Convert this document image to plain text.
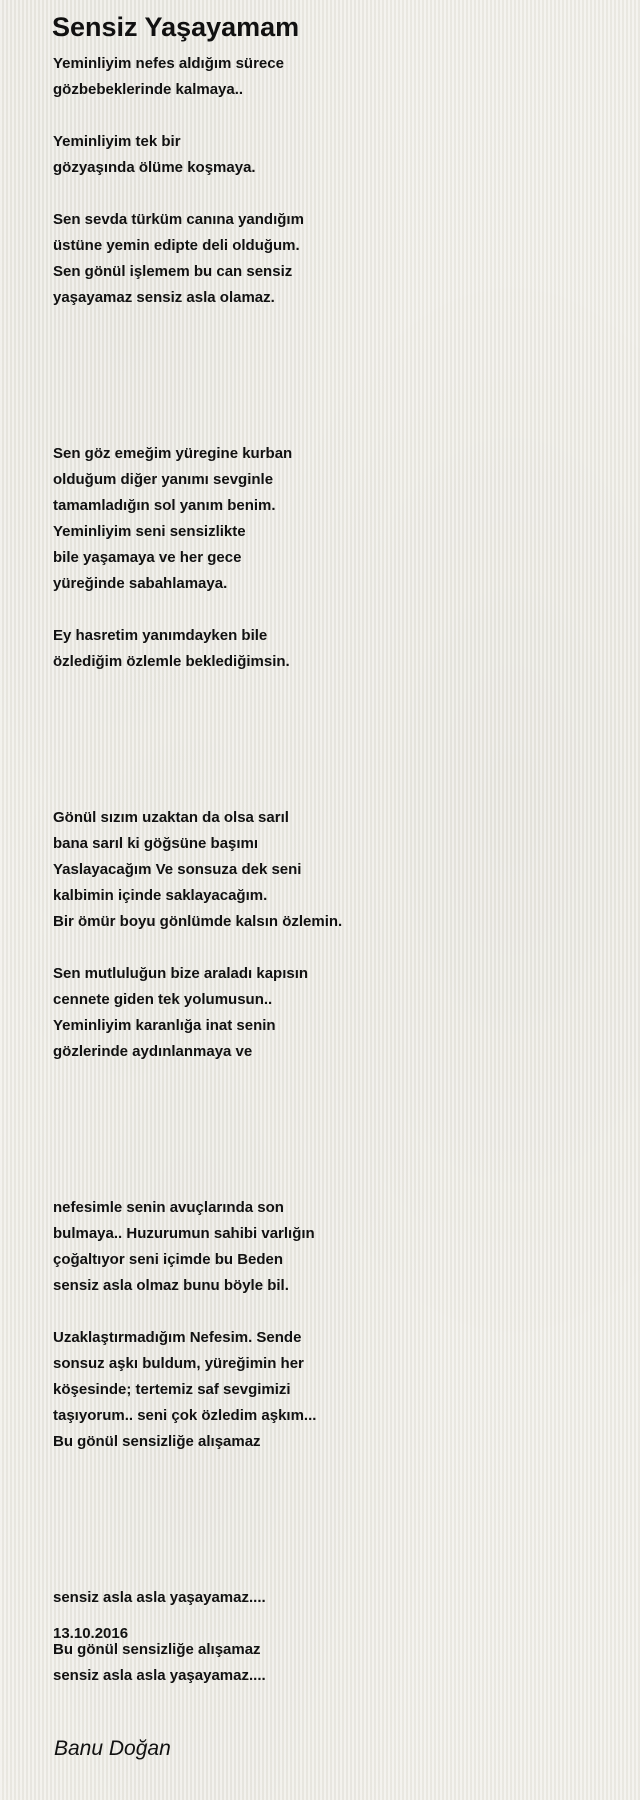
Sensiz Yaşayamam
Yeminliyim nefes aldığım sürece
gözbebeklerinde kalmaya..
Yeminliyim tek bir
gözyaşında ölüme koşmaya.
Sen sevda türküm canına yandığım
üstüne yemin edipte deli olduğum.
Sen gönül işlemem bu can sensiz
yaşayamaz sensiz asla olamaz.
Sen göz emeğim yüregine kurban
olduğum diğer yanımı sevginle
tamamladığın sol yanım benim.
Yeminliyim seni sensizlikte
bile yaşamaya ve her gece
yüreğinde sabahlamaya.
Ey hasretim yanımdayken bile
özlediğim özlemle beklediğimsin.
Gönül sızım uzaktan da olsa sarıl
bana sarıl ki göğsüne başımı
Yaslayacağım Ve sonsuza dek seni
kalbimin içinde saklayacağım.
Bir ömür boyu gönlümde kalsın özlemin.
Sen mutluluğun bize araladı kapısın
cennete giden tek yolumusun..
Yeminliyim karanlığa inat senin
gözlerinde aydınlanmaya ve
nefesimle senin avuçlarında son
bulmaya.. Huzurumun sahibi varlığın
çoğaltıyor seni içimde bu Beden
sensiz asla olmaz bunu böyle bil.
Uzaklaştırmadığım Nefesim. Sende
sonsuz aşkı buldum, yüreğimin her
köşesinde; tertemiz saf sevgimizi
taşıyorum.. seni çok özledim aşkım...
Bu gönül sensizliğe alışamaz
sensiz asla asla yaşayamaz....
Bu gönül sensizliğe alışamaz
sensiz asla asla yaşayamaz....

13.10.2016

Banu Doğan
